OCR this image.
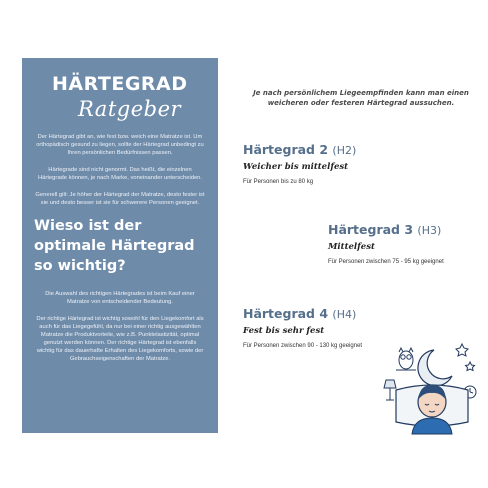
HÄRTEGRAD
Ratgeber

Der Härtegrad gibt an, wie fest bzw. weich eine Matratze ist. Um orthopädisch gesund zu liegen, sollte der Härtegrad unbedingt zu Ihren persönlichen Bedürfnissen passen.

Härtegrade sind nicht genormt. Das heißt, die einzelnen Härtegrade können, je nach Marke, voneinander unterscheiden.

Generell gilt: Je höher der Härtegrad der Matratze, desto fester ist sie und desto besser ist sie für schwerere Personen geeignet.

Wieso ist der optimale Härtegrad so wichtig?

Die Auswahl des richtigen Härtegrades ist beim Kauf einer Matratze von entscheidender Bedeutung.

Der richtige Härtegrad ist wichtig sowohl für den Liegekomfort als auch für das Liegegefühl, da nur bei einer richtig ausgewählten Matratze die Produktvorteile, wie z.B. Punktelastizität, optimal genutzt werden können. Der richtige Härtegrad ist ebenfalls wichtig für das dauerhafte Erhalten des Liegekomforts, sowie der Gebrauchseigenschaften der Matratze.

Je nach persönlichem Liegeempfinden kann man einen weicheren oder festeren Härtegrad aussuchen.
Härtegrad 2 (H2)
Weicher bis mittelfest
Für Personen bis zu 80 kg
Härtegrad 3 (H3)
Mittelfest
Für Personen zwischen 75 - 95 kg geeignet
Härtegrad 4 (H4)
Fest bis sehr fest
Für Personen zwischen 90 - 130 kg geeignet
